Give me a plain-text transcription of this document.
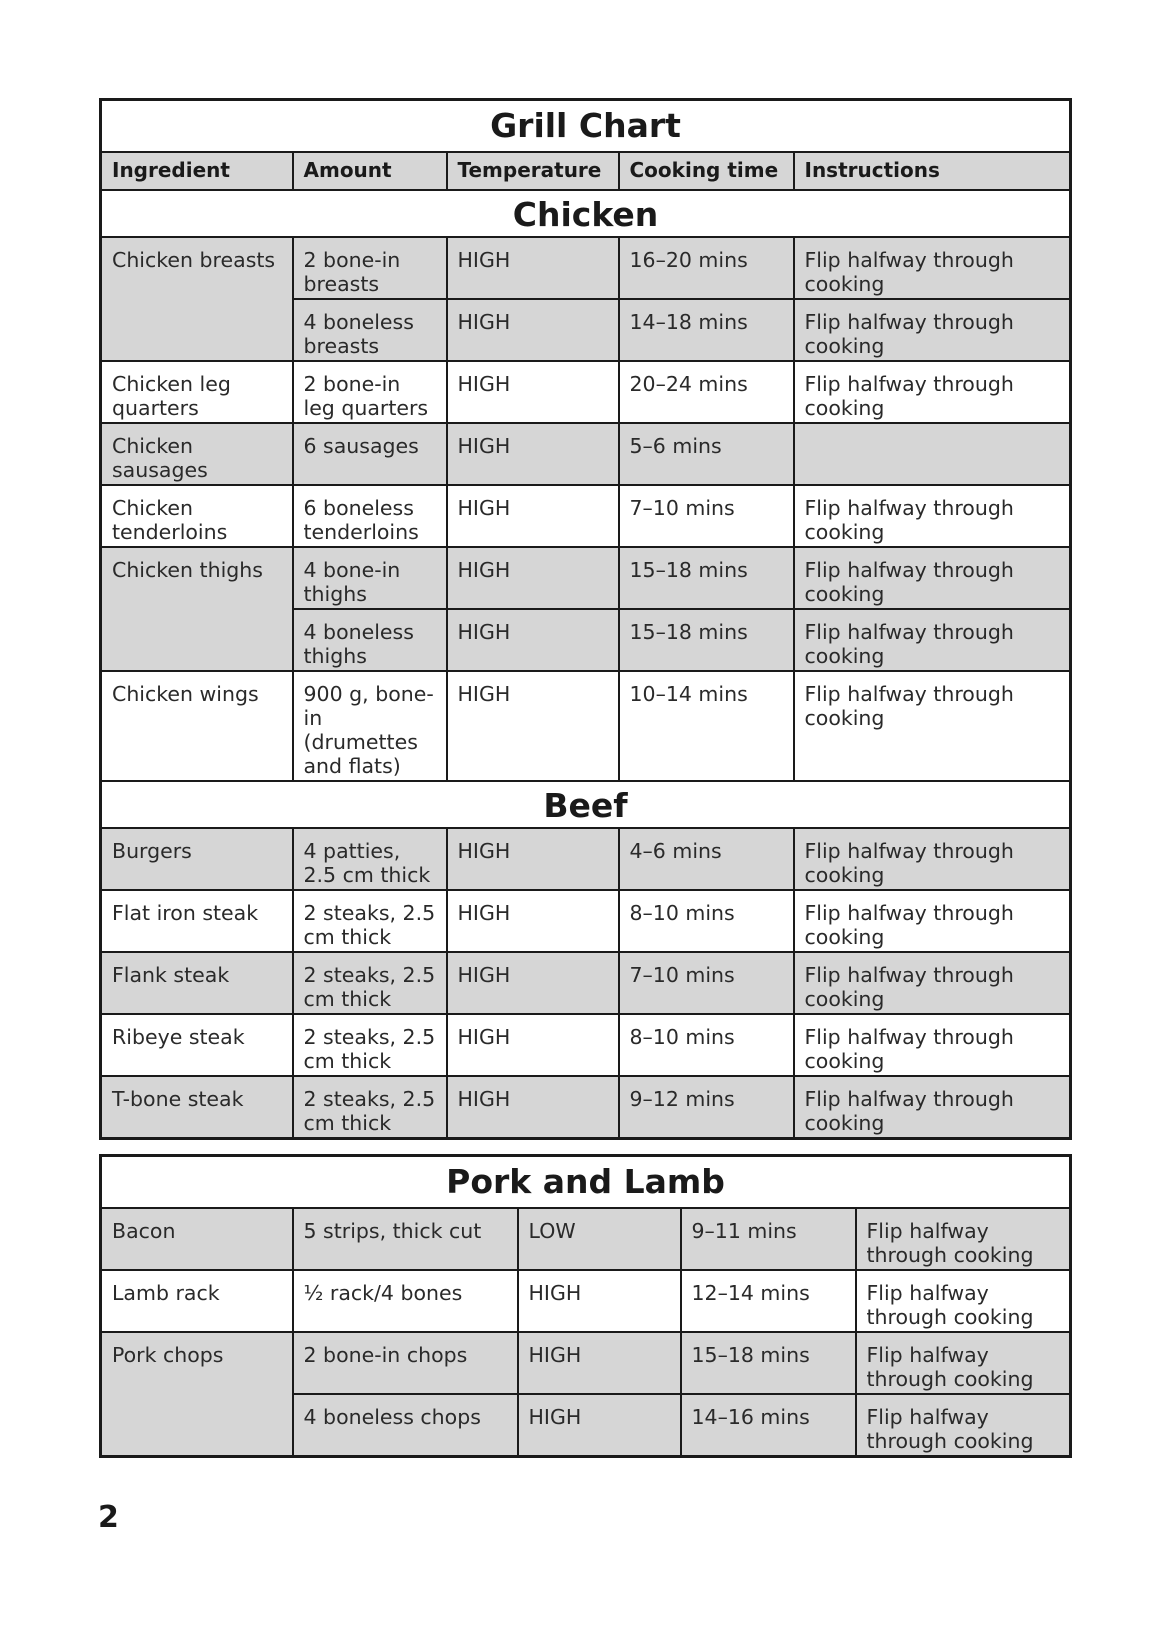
Grill Chart				
Ingredient	Amount	Temperature	Cooking time	Instructions
Chicken				
Chicken breasts	2 bone-in breasts	HIGH	16–20 mins	Flip halfway through cooking
	4 boneless breasts	HIGH	14–18 mins	Flip halfway through cooking
Chicken leg quarters	2 bone-in leg quarters	HIGH	20–24 mins	Flip halfway through cooking
Chicken sausages	6 sausages	HIGH	5–6 mins	
Chicken tenderloins	6 boneless tenderloins	HIGH	7–10 mins	Flip halfway through cooking
Chicken thighs	4 bone-in thighs	HIGH	15–18 mins	Flip halfway through cooking
	4 boneless thighs	HIGH	15–18 mins	Flip halfway through cooking
Chicken wings	900 g, bone-in (drumettes and flats)	HIGH	10–14 mins	Flip halfway through cooking
Beef				
Burgers	4 patties, 2.5 cm thick	HIGH	4–6 mins	Flip halfway through cooking
Flat iron steak	2 steaks, 2.5 cm thick	HIGH	8–10 mins	Flip halfway through cooking
Flank steak	2 steaks, 2.5 cm thick	HIGH	7–10 mins	Flip halfway through cooking
Ribeye steak	2 steaks, 2.5 cm thick	HIGH	8–10 mins	Flip halfway through cooking
T-bone steak	2 steaks, 2.5 cm thick	HIGH	9–12 mins	Flip halfway through cooking
Pork and Lamb				
Bacon	5 strips, thick cut	LOW	9–11 mins	Flip halfway through cooking
Lamb rack	½ rack/4 bones	HIGH	12–14 mins	Flip halfway through cooking
Pork chops	2 bone-in chops	HIGH	15–18 mins	Flip halfway through cooking
	4 boneless chops	HIGH	14–16 mins	Flip halfway through cooking
2
